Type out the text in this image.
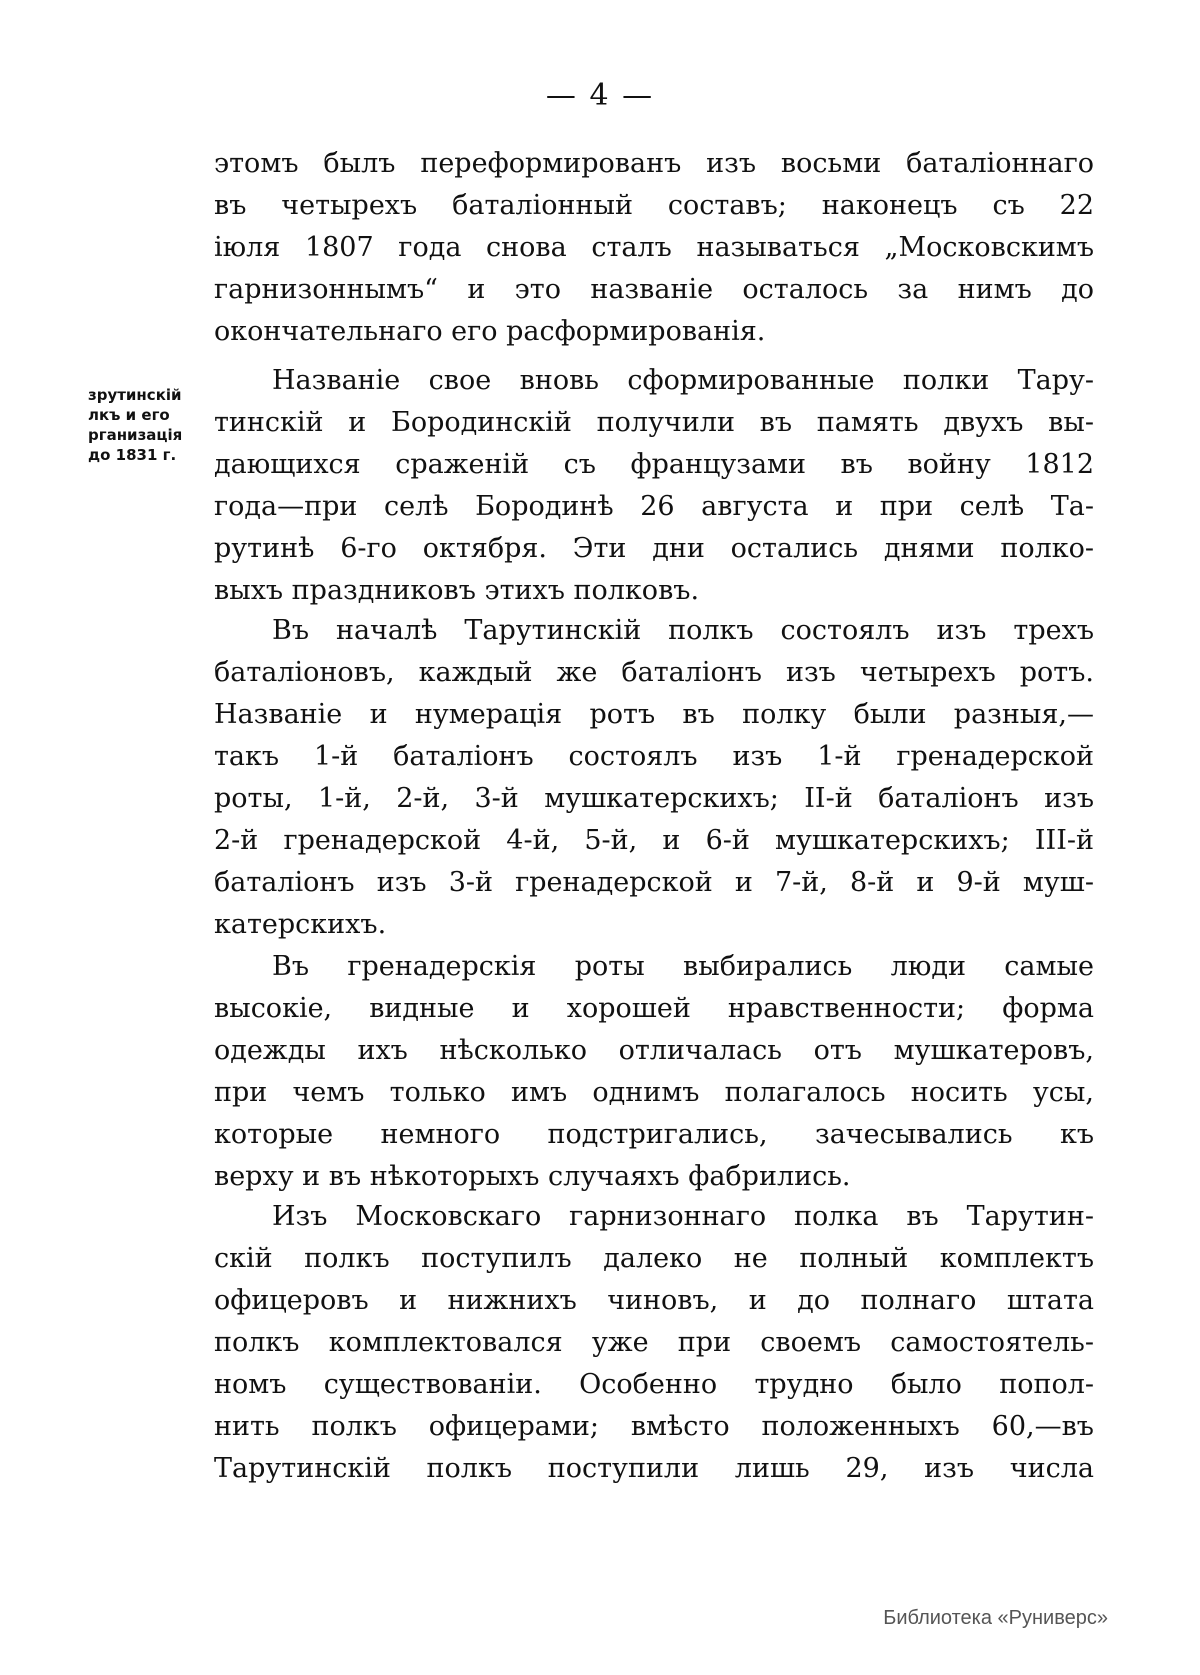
— 4 —
зрутинскій
лкъ и его
рганизація
до 1831 г.
этомъ былъ переформированъ изъ восьми баталіоннаго
въ четырехъ баталіонный составъ; наконецъ съ 22
іюля 1807 года снова сталъ называться „Московскимъ
гарнизоннымъ“ и это названіе осталось за нимъ до
окончательнаго его расформированія.
Названіе свое вновь сформированные полки Тару-
тинскій и Бородинскій получили въ память двухъ вы-
дающихся сраженій съ французами въ войну 1812
года—при селѣ Бородинѣ 26 августа и при селѣ Та-
рутинѣ 6-го октября. Эти дни остались днями полко-
выхъ праздниковъ этихъ полковъ.
Въ началѣ Тарутинскій полкъ состоялъ изъ трехъ
баталіоновъ, каждый же баталіонъ изъ четырехъ ротъ.
Названіе и нумерація ротъ въ полку были разныя,—
такъ 1-й баталіонъ состоялъ изъ 1-й гренадерской
роты, 1-й, 2-й, 3-й мушкатерскихъ; ІІ-й баталіонъ изъ
2-й гренадерской 4-й, 5-й, и 6-й мушкатерскихъ; ІІІ-й
баталіонъ изъ 3-й гренадерской и 7-й, 8-й и 9-й муш-
катерскихъ.
Въ гренадерскія роты выбирались люди самые
высокіе, видные и хорошей нравственности; форма
одежды ихъ нѣсколько отличалась отъ мушкатеровъ,
при чемъ только имъ однимъ полагалось носить усы,
которые немного подстригались, зачесывались къ
верху и въ нѣкоторыхъ случаяхъ фабрились.
Изъ Московскаго гарнизоннаго полка въ Тарутин-
скій полкъ поступилъ далеко не полный комплектъ
офицеровъ и нижнихъ чиновъ, и до полнаго штата
полкъ комплектовался уже при своемъ самостоятель-
номъ существованіи. Особенно трудно было попол-
нить полкъ офицерами; вмѣсто положенныхъ 60,—въ
Тарутинскій полкъ поступили лишь 29, изъ числа
Библиотека «Руниверс»
